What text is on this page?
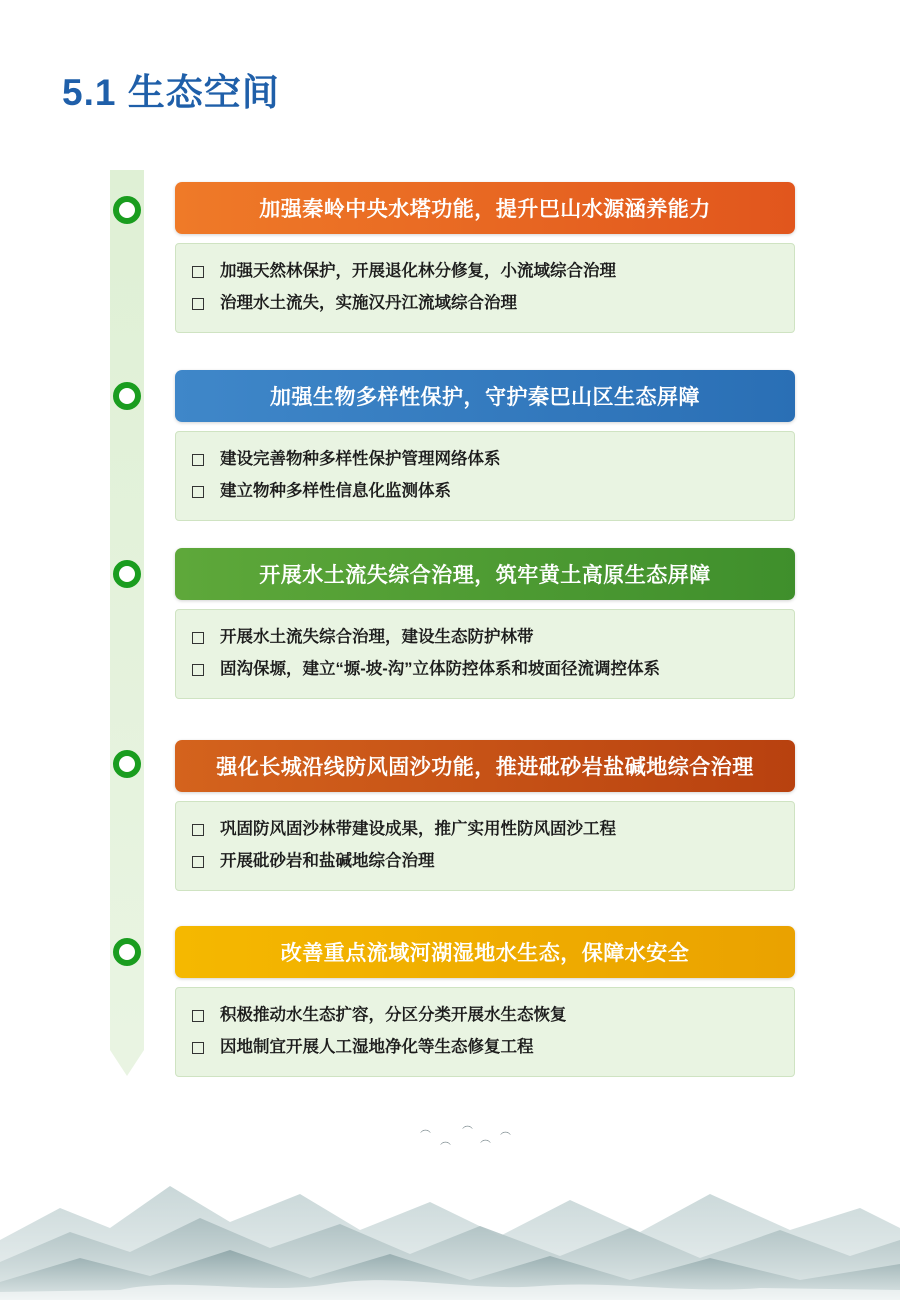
5.1 生态空间
加强秦岭中央水塔功能，提升巴山水源涵养能力
加强天然林保护，开展退化林分修复，小流域综合治理
治理水土流失，实施汉丹江流域综合治理
加强生物多样性保护，守护秦巴山区生态屏障
建设完善物种多样性保护管理网络体系
建立物种多样性信息化监测体系
开展水土流失综合治理，筑牢黄土高原生态屏障
开展水土流失综合治理，建设生态防护林带
固沟保塬，建立“塬-坡-沟”立体防控体系和坡面径流调控体系
强化长城沿线防风固沙功能，推进砒砂岩盐碱地综合治理
巩固防风固沙林带建设成果，推广实用性防风固沙工程
开展砒砂岩和盐碱地综合治理
改善重点流域河湖湿地水生态，保障水安全
积极推动水生态扩容，分区分类开展水生态恢复
因地制宜开展人工湿地净化等生态修复工程
︵
︵
︵
︵
︵
